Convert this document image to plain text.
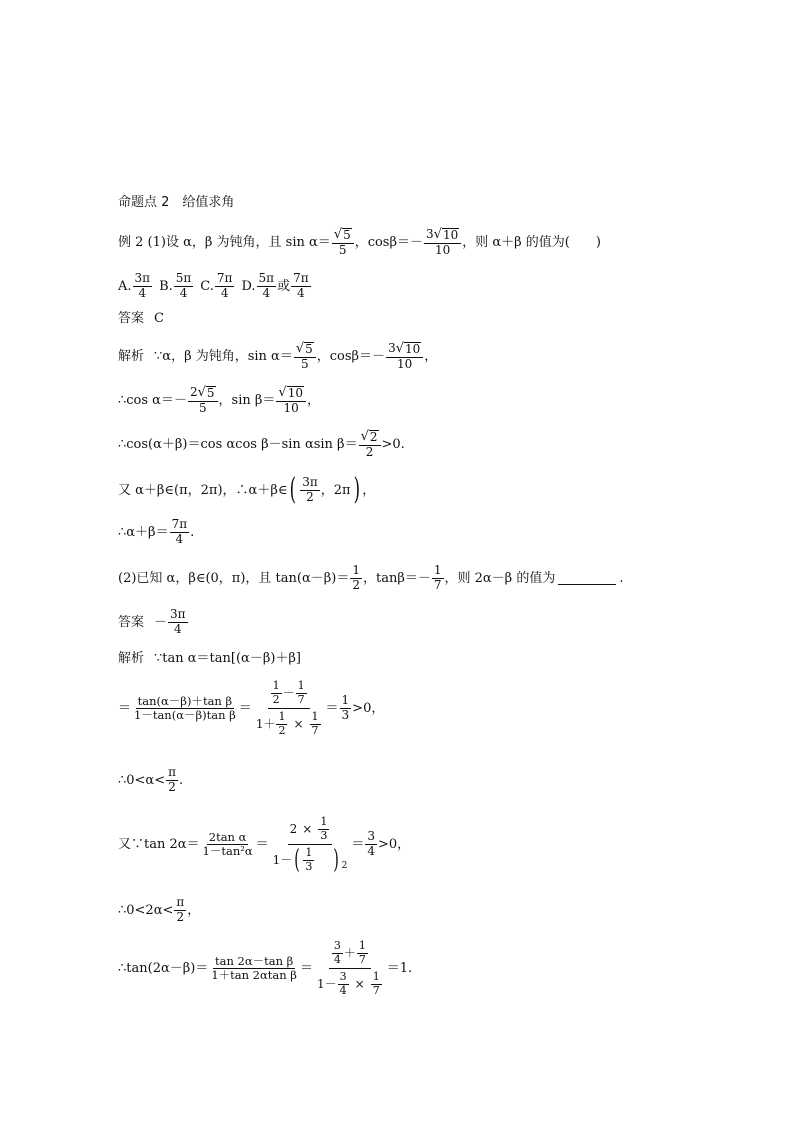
命题点 2　给值求角
例 2 (1)设 α，β 为钝角，且 sin α＝
√ 5
5 ，cosβ＝－
3 √ 10
10 ，则 α＋β 的值为(　　)
A. $\frac{3\pi}{4} B$. $\frac{5\pi}{4} C$. $\frac{7\pi}{4} D$. $\frac{5\pi}{4}$ 或
7π
4
答案 C
解析 ∵α，β 为钝角，sin α＝
√ 5
5 ，cosβ＝－
3 √ 10
10 ，
∴cos α＝－
2 √ 5
5 ，sin β＝
√ 10
10 ，
∴cos(α＋β)＝cos αcos β－sin αsin β＝
√ 2
2 >0.
又 α＋β∈(π，2π)，∴α＋β∈ ( $\frac{3\pi}{2}$ ，2π ) ，
∴α＋β＝ $\frac{7\pi}{4}$ .
(2)已知 α，β∈(0，π)，且 $\tan(\alpha-\beta)= \frac{1}{2}$ ，$\tan\beta=- \frac{1}{7}$ ，则 2α－β 的值为	.
答案 － $\frac{3\pi}{4}$
解析 ∵tan α＝tan[(α－β)＋β]
＝
tan(α－β)＋tan β
1－tan(α－β)tan β ＝ 1
2 －
1
7
$1+ \frac{1}{2} \times \frac{1}{7}$ ＝
1
3 >0，
∴0<α< $\frac{\pi}{2}$ .
又∵tan 2α＝
2tan α
$1-\tan^2\alpha = 2 \times \frac{1}{3}$
1－ ( 1
3 ) 2 ＝
3
4 >0，
∴0<2α< $\frac{\pi}{2}$ ，
∴tan(2α－β)＝
tan 2α－tan β
1＋tan 2αtan β ＝ 3
4 ＋
1
7
$1- \frac{3}{4} \times \frac{1}{7} =1$.
